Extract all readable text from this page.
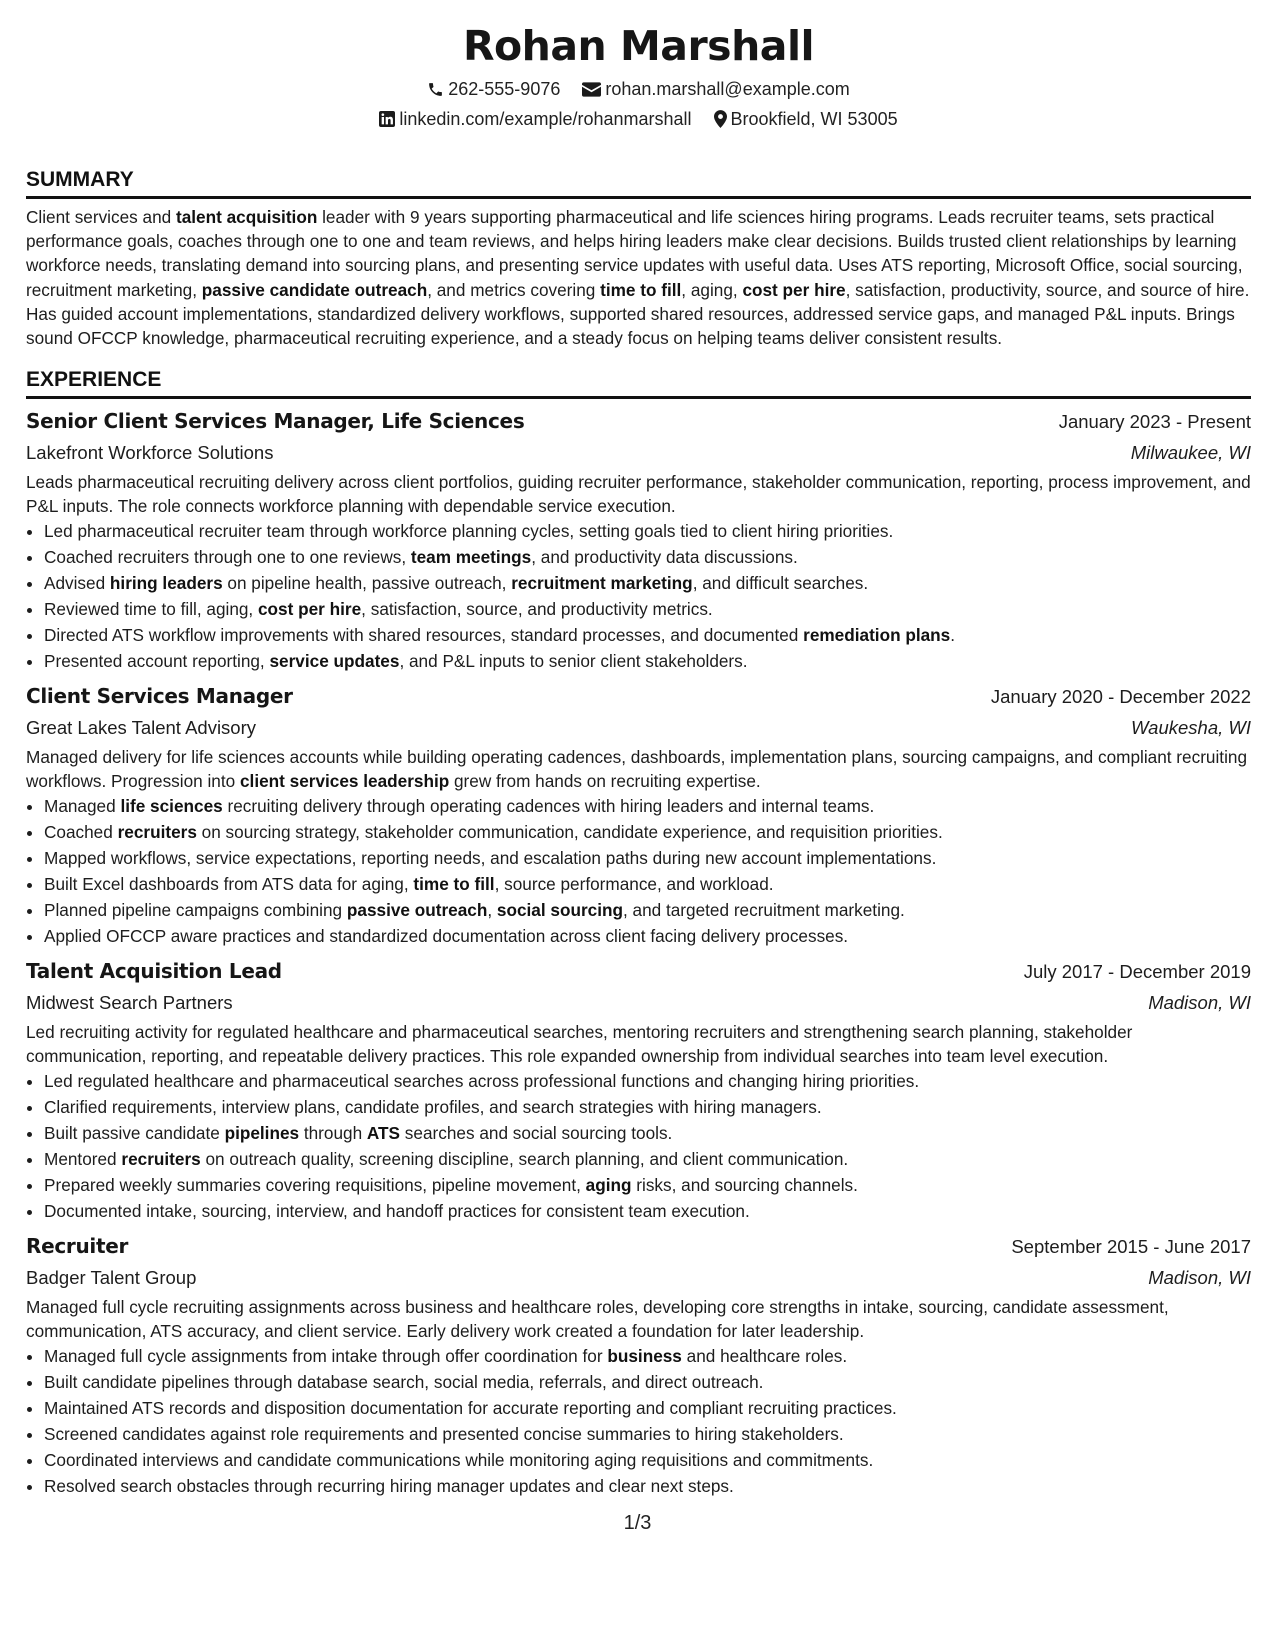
Rohan Marshall
262-555-9076	rohan.marshall@example.com
linkedin.com/example/rohanmarshall Brookfield, WI 53005
SUMMARY

Client services and talent acquisition leader with 9 years supporting pharmaceutical and life sciences hiring programs. Leads recruiter teams, sets practical performance goals, coaches through one to one and team reviews, and helps hiring leaders make clear decisions. Builds trusted client relationships by learning workforce needs, translating demand into sourcing plans, and presenting service updates with useful data. Uses ATS reporting, Microsoft Office, social sourcing, recruitment marketing, passive candidate outreach, and metrics covering time to fill, aging, cost per hire, satisfaction, productivity, source, and source of hire. Has guided account implementations, standardized delivery workflows, supported shared resources, addressed service gaps, and managed P&L inputs. Brings sound OFCCP knowledge, pharmaceutical recruiting experience, and a steady focus on helping teams deliver consistent results.

EXPERIENCE
Senior Client Services Manager, Life Sciences	January 2023 - Present
Lakefront Workforce Solutions	Milwaukee, WI

Leads pharmaceutical recruiting delivery across client portfolios, guiding recruiter performance, stakeholder communication, reporting, process improvement, and P&L inputs. The role connects workforce planning with dependable service execution.

• Led pharmaceutical recruiter team through workforce planning cycles, setting goals tied to client hiring priorities.
• Coached recruiters through one to one reviews, team meetings, and productivity data discussions.
• Advised hiring leaders on pipeline health, passive outreach, recruitment marketing, and difficult searches.
• Reviewed time to fill, aging, cost per hire, satisfaction, source, and productivity metrics.
• Directed ATS workflow improvements with shared resources, standard processes, and documented remediation plans.
• Presented account reporting, service updates, and P&L inputs to senior client stakeholders.
Client Services Manager	January 2020 - December 2022
Great Lakes Talent Advisory	Waukesha, WI

Managed delivery for life sciences accounts while building operating cadences, dashboards, implementation plans, sourcing campaigns, and compliant recruiting workflows. Progression into client services leadership grew from hands on recruiting expertise.

• Managed life sciences recruiting delivery through operating cadences with hiring leaders and internal teams.
• Coached recruiters on sourcing strategy, stakeholder communication, candidate experience, and requisition priorities.
• Mapped workflows, service expectations, reporting needs, and escalation paths during new account implementations.
• Built Excel dashboards from ATS data for aging, time to fill, source performance, and workload.
• Planned pipeline campaigns combining passive outreach, social sourcing, and targeted recruitment marketing.
• Applied OFCCP aware practices and standardized documentation across client facing delivery processes.
Talent Acquisition Lead	July 2017 - December 2019
Midwest Search Partners	Madison, WI

Led recruiting activity for regulated healthcare and pharmaceutical searches, mentoring recruiters and strengthening search planning, stakeholder communication, reporting, and repeatable delivery practices. This role expanded ownership from individual searches into team level execution.

• Led regulated healthcare and pharmaceutical searches across professional functions and changing hiring priorities.
• Clarified requirements, interview plans, candidate profiles, and search strategies with hiring managers.
• Built passive candidate pipelines through ATS searches and social sourcing tools.
• Mentored recruiters on outreach quality, screening discipline, search planning, and client communication.
• Prepared weekly summaries covering requisitions, pipeline movement, aging risks, and sourcing channels.
• Documented intake, sourcing, interview, and handoff practices for consistent team execution.
Recruiter	September 2015 - June 2017
Badger Talent Group	Madison, WI

Managed full cycle recruiting assignments across business and healthcare roles, developing core strengths in intake, sourcing, candidate assessment, communication, ATS accuracy, and client service. Early delivery work created a foundation for later leadership.

• Managed full cycle assignments from intake through offer coordination for business and healthcare roles.
• Built candidate pipelines through database search, social media, referrals, and direct outreach.
• Maintained ATS records and disposition documentation for accurate reporting and compliant recruiting practices.
• Screened candidates against role requirements and presented concise summaries to hiring stakeholders.
• Coordinated interviews and candidate communications while monitoring aging requisitions and commitments.
• Resolved search obstacles through recurring hiring manager updates and clear next steps.
1/3
